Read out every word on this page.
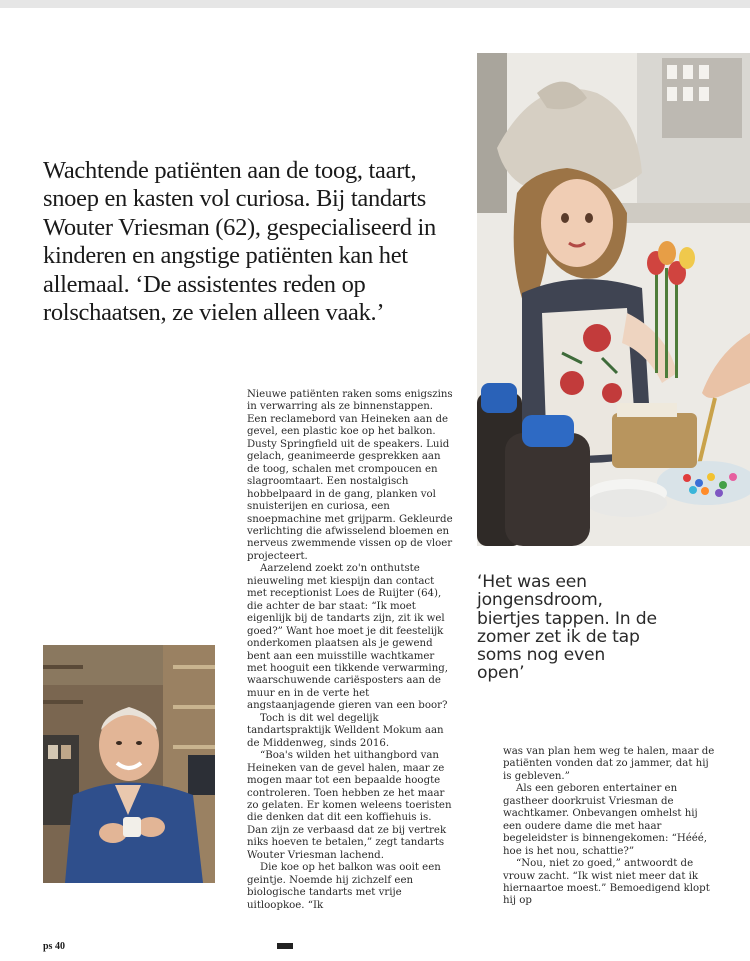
Wachtende patiënten aan de toog, taart, snoep en kasten vol curiosa. Bij tandarts Wouter Vriesman (62), gespecialiseerd in kinderen en angstige patiënten kan het allemaal. ‘De assistentes reden op rolschaatsen, ze vielen alleen vaak.’

Nieuwe patiënten raken soms enigszins in verwarring als ze binnenstappen. Een reclamebord van Heineken aan de gevel, een plastic koe op het balkon. Dusty Springfield uit de speakers. Luid gelach, geanimeerde gesprekken aan de toog, schalen met crompoucen en slagroomtaart. Een nostalgisch hobbelpaard in de gang, planken vol snuisterijen en curiosa, een snoepmachine met grijparm. Gekleurde verlichting die afwisselend bloemen en nerveus zwemmende vissen op de vloer projecteert.

Aarzelend zoekt zo'n onthutste nieuweling met kiespijn dan contact met receptionist Loes de Ruijter (64), die achter de bar staat: “Ik moet eigenlijk bij de tandarts zijn, zit ik wel goed?” Want hoe moet je dit feestelijk onderkomen plaatsen als je gewend bent aan een muisstille wachtkamer met hooguit een tikkende verwarming, waarschuwende cariësposters aan de muur en in de verte het angstaanjagende gieren van een boor?

Toch is dit wel degelijk tandartspraktijk Welldent Mokum aan de Middenweg, sinds 2016.

“Boa's wilden het uithangbord van Heineken van de gevel halen, maar ze mogen maar tot een bepaalde hoogte controleren. Toen hebben ze het maar zo gelaten. Er komen weleens toeristen die denken dat dit een koffiehuis is. Dan zijn ze verbaasd dat ze bij vertrek niks hoeven te betalen,” zegt tandarts Wouter Vriesman lachend.

Die koe op het balkon was ooit een geintje. Noemde hij zichzelf een biologische tandarts met vrije uitloopkoe. “Ik

‘Het was een jongensdroom, biertjes tappen. In de zomer zet ik de tap soms nog even open’

was van plan hem weg te halen, maar de patiënten vonden dat zo jammer, dat hij is gebleven.”

Als een geboren entertainer en gastheer doorkruist Vriesman de wachtkamer. Onbevangen omhelst hij een oudere dame die met haar begeleidster is binnengekomen: “Hééé, hoe is het nou, schattie?”

“Nou, niet zo goed,” antwoordt de vrouw zacht. “Ik wist niet meer dat ik hiernaartoe moest.” Bemoedigend klopt hij op

ps 40
